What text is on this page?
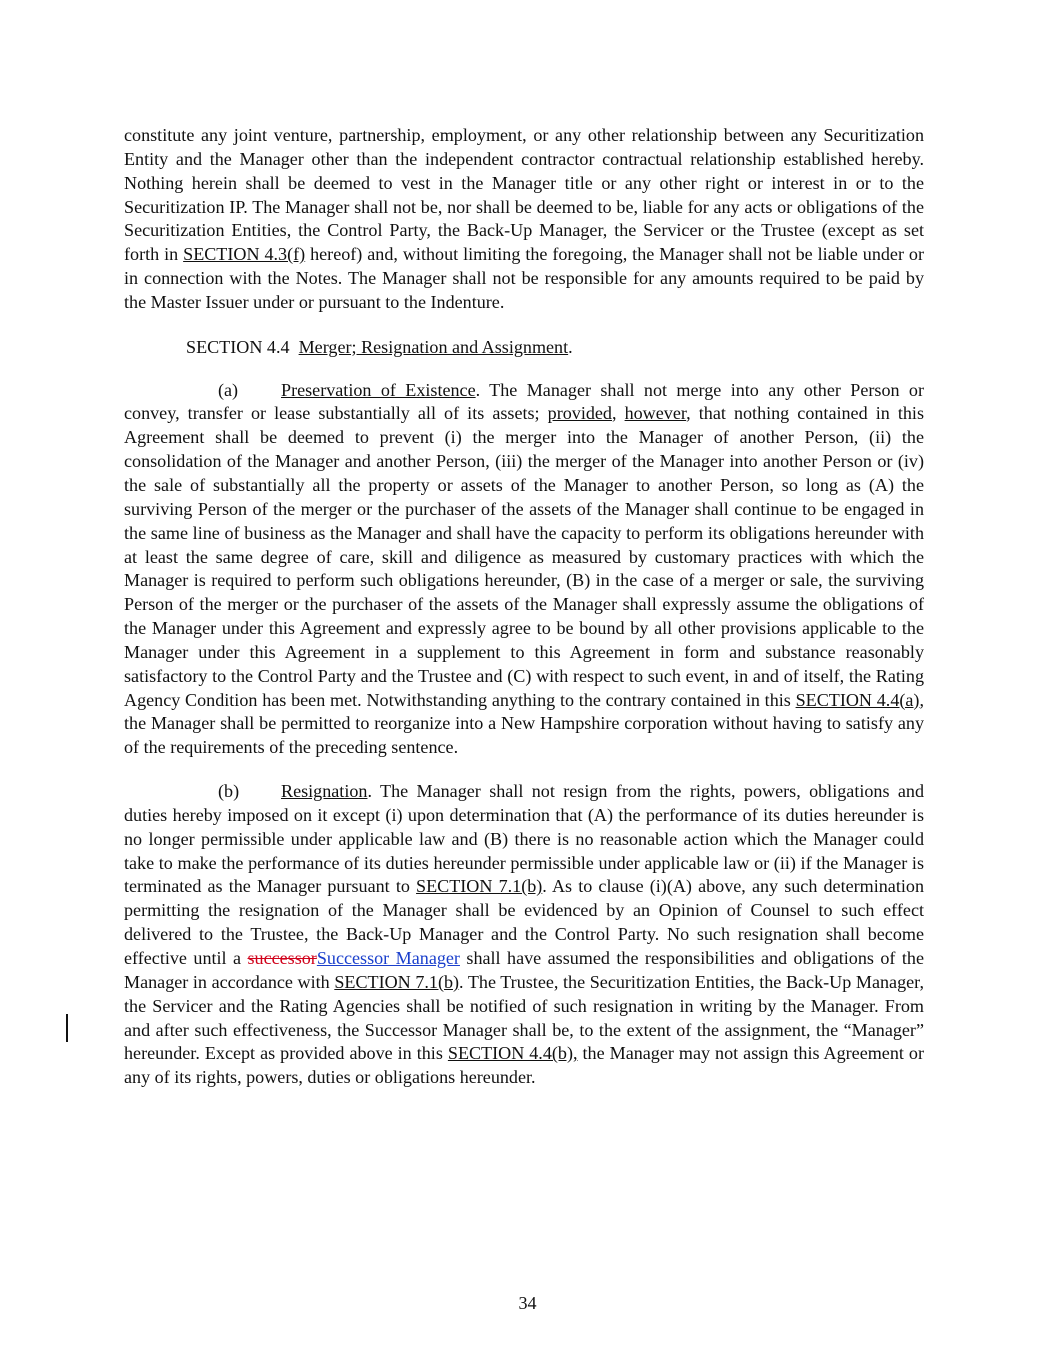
constitute any joint venture, partnership, employment, or any other relationship between any Securitization Entity and the Manager other than the independent contractor contractual relationship established hereby. Nothing herein shall be deemed to vest in the Manager title or any other right or interest in or to the Securitization IP. The Manager shall not be, nor shall be deemed to be, liable for any acts or obligations of the Securitization Entities, the Control Party, the Back-Up Manager, the Servicer or the Trustee (except as set forth in SECTION 4.3(f) hereof) and, without limiting the foregoing, the Manager shall not be liable under or in connection with the Notes. The Manager shall not be responsible for any amounts required to be paid by the Master Issuer under or pursuant to the Indenture.

SECTION 4.4 Merger; Resignation and Assignment.

(a) Preservation of Existence. The Manager shall not merge into any other Person or convey, transfer or lease substantially all of its assets; provided, however, that nothing contained in this Agreement shall be deemed to prevent (i) the merger into the Manager of another Person, (ii) the consolidation of the Manager and another Person, (iii) the merger of the Manager into another Person or (iv) the sale of substantially all the property or assets of the Manager to another Person, so long as (A) the surviving Person of the merger or the purchaser of the assets of the Manager shall continue to be engaged in the same line of business as the Manager and shall have the capacity to perform its obligations hereunder with at least the same degree of care, skill and diligence as measured by customary practices with which the Manager is required to perform such obligations hereunder, (B) in the case of a merger or sale, the surviving Person of the merger or the purchaser of the assets of the Manager shall expressly assume the obligations of the Manager under this Agreement and expressly agree to be bound by all other provisions applicable to the Manager under this Agreement in a supplement to this Agreement in form and substance reasonably satisfactory to the Control Party and the Trustee and (C) with respect to such event, in and of itself, the Rating Agency Condition has been met. Notwithstanding anything to the contrary contained in this SECTION 4.4(a), the Manager shall be permitted to reorganize into a New Hampshire corporation without having to satisfy any of the requirements of the preceding sentence.

(b) Resignation. The Manager shall not resign from the rights, powers, obligations and duties hereby imposed on it except (i) upon determination that (A) the performance of its duties hereunder is no longer permissible under applicable law and (B) there is no reasonable action which the Manager could take to make the performance of its duties hereunder permissible under applicable law or (ii) if the Manager is terminated as the Manager pursuant to SECTION 7.1(b). As to clause (i)(A) above, any such determination permitting the resignation of the Manager shall be evidenced by an Opinion of Counsel to such effect delivered to the Trustee, the Back-Up Manager and the Control Party. No such resignation shall become effective until a successorSuccessor Manager shall have assumed the responsibilities and obligations of the Manager in accordance with SECTION 7.1(b). The Trustee, the Securitization Entities, the Back-Up Manager, the Servicer and the Rating Agencies shall be notified of such resignation in writing by the Manager. From and after such effectiveness, the Successor Manager shall be, to the extent of the assignment, the “Manager” hereunder. Except as provided above in this SECTION 4.4(b), the Manager may not assign this Agreement or any of its rights, powers, duties or obligations hereunder.

34
